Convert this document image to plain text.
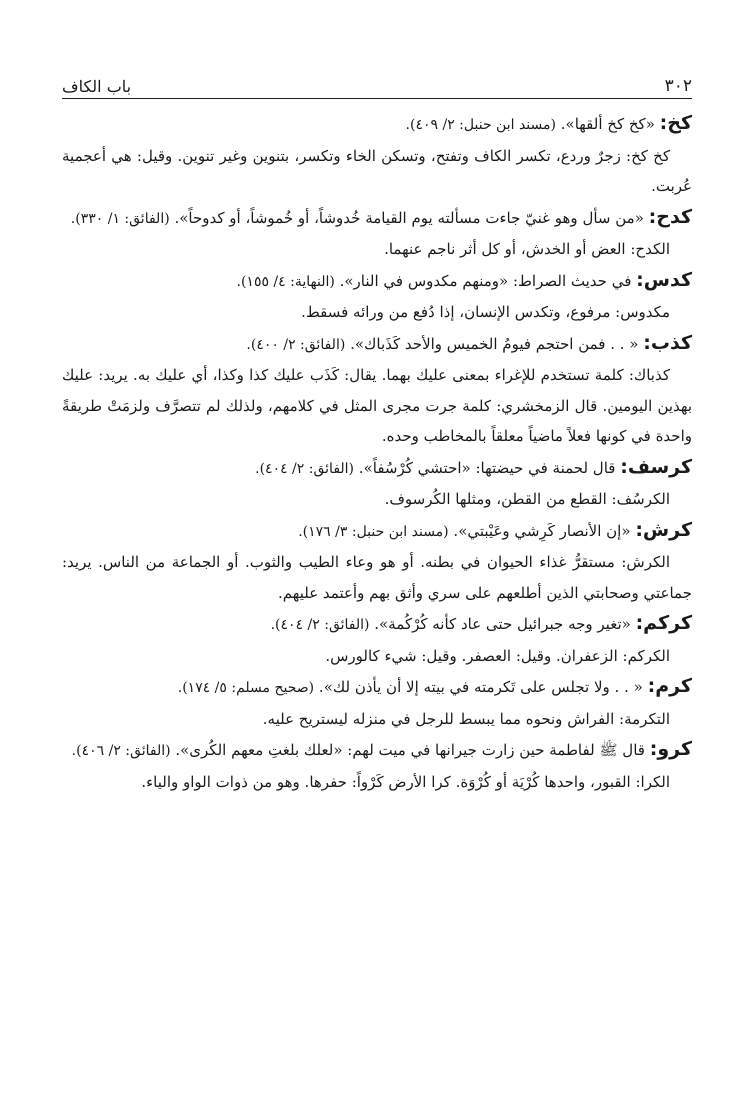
٣٠٢
باب الكاف

كخ: «كخ كخ ألقها». (مسند ابن حنبل: ٢/ ٤٠٩).

كخ كخ: زجرٌ وردع، تكسر الكاف وتفتح، وتسكن الخاء وتكسر، بتنوين وغير تنوين. وقيل: هي أعجمية عُربت.

كدح: «من سأل وهو غنيّ جاءت مسألته يوم القيامة خُدوشاً، أو خُموشاً، أو كدوحاً». (الفائق: ١/ ٣٣٠).

الكدح: العض أو الخدش، أو كل أثر ناجم عنهما.

كدس: في حديث الصراط: «ومنهم مكدوس في النار». (النهاية: ٤/ ١٥٥).

مكدوس: مرفوع، وتكدس الإنسان، إذا دُفع من ورائه فسقط.

كذب: « . . فمن احتجم فيومُ الخميس والأحد كَذَباك». (الفائق: ٢/ ٤٠٠).

كذباك: كلمة تستخدم للإغراء بمعنى عليك بهما. يقال: كَذَب عليك كذا وكذا، أي عليك به. يريد: عليك بهذين اليومين. قال الزمخشري: كلمة جرت مجرى المثل في كلامهم، ولذلك لم تتصرَّف ولزمَتْ طريقةً واحدة في كونها فعلاً ماضياً معلقاً بالمخاطب وحده.

كرسف: قال لحمنة في حيضتها: «احتشي كُرْسُفاً». (الفائق: ٢/ ٤٠٤).

الكرسُف: القطع من القطن، ومثلها الكُرسوف.

كرش: «إن الأنصار كَرِشي وعَيْبتي». (مسند ابن حنبل: ٣/ ١٧٦).

الكرش: مستقرُّ غذاء الحيوان في بطنه. أو هو وعاء الطيب والثوب. أو الجماعة من الناس. يريد: جماعتي وصحابتي الذين أطلعهم على سري وأثق بهم وأعتمد عليهم.

كركم: «تغير وجه جبرائيل حتى عاد كأنه كُرْكُمة». (الفائق: ٢/ ٤٠٤).

الكركم: الزعفران. وقيل: العصفر. وقيل: شيء كالورس.

كرم: « . . ولا تجلس على تَكرمته في بيته إلا أن يأذن لك». (صحيح مسلم: ٥/ ١٧٤).

التكرمة: الفراش ونحوه مما يبسط للرجل في منزله ليستريح عليه.

كرو: قال ﷺ لفاطمة حين زارت جيرانها في ميت لهم: «لعلك بلغتِ معهم الكُرى». (الفائق: ٢/ ٤٠٦).

الكرا: القبور، واحدها كُرْيَة أو كُرْوَة. كرا الأرض كَرْواً: حفرها. وهو من ذوات الواو والياء.
